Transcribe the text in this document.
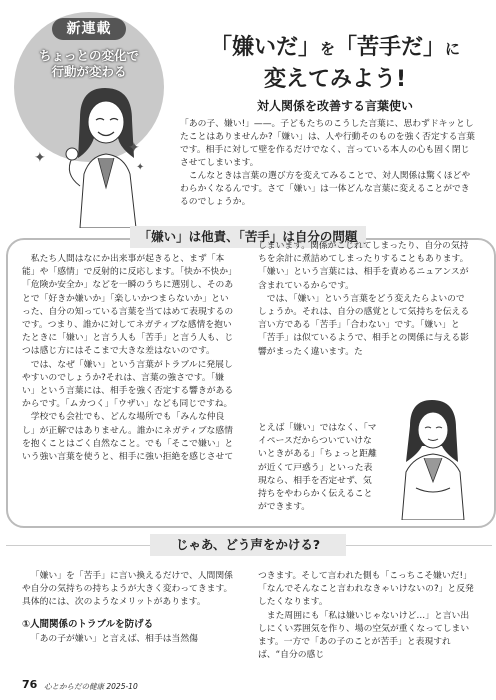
新連載
ちょっとの変化で
行動が変わる
✦
✦
✦
「嫌いだ」を「苦手だ」に
変えてみよう!
対人関係を改善する言葉使い

「あの子、嫌い!」——。子どもたちのこうした言葉に、思わずドキッとしたことはありませんか?「嫌い」は、人や行動そのものを強く否定する言葉です。相手に対して壁を作るだけでなく、言っている本人の心も固く閉じさせてしまいます。

こんなときは言葉の選び方を変えてみることで、対人関係は驚くほどやわらかくなるんです。さて「嫌い」は一体どんな言葉に変えることができるのでしょうか。

「嫌い」は他責、「苦手」は自分の問題

私たち人間はなにか出来事が起きると、まず「本能」や「感情」で反射的に反応します。「快か不快か」「危険か安全か」などを一瞬のうちに選別し、そのあとで「好きか嫌いか」「楽しいかつまらないか」といった、自分の知っている言葉を当てはめて表現するのです。つまり、誰かに対してネガティブな感情を抱いたときに「嫌い」と言う人も「苦手」と言う人も、じつは感じ方にはそこまで大きな差はないのです。

では、なぜ「嫌い」という言葉がトラブルに発展しやすいのでしょうか?それは、言葉の強さです。「嫌い」という言葉には、相手を強く否定する響きがあるからです。「ムカつく」「ウザい」なども同じですね。

学校でも会社でも、どんな場所でも「みんな仲良し」が正解ではありません。誰かにネガティブな感情を抱くことはごく自然なこと。でも「そこで嫌い」という強い言葉を使うと、相手に強い拒絶を感じさせて

しまいます。関係がこじれてしまったり、自分の気持ちを余計に煮詰めてしまったりすることもあります。「嫌い」という言葉には、相手を責めるニュアンスが含まれているからです。

では、「嫌い」という言葉をどう変えたらよいのでしょうか。それは、自分の感覚として気持ちを伝える言い方である「苦手」「合わない」です。「嫌い」と「苦手」は似ているようで、相手との関係に与える影響がまったく違います。た

とえば「嫌い」ではなく、「マイペースだからついていけないときがある」「ちょっと距離が近くて戸惑う」といった表現なら、相手を否定せず、気持ちをやわらかく伝えることができます。

じゃあ、どう声をかける?

「嫌い」を「苦手」に言い換えるだけで、人間関係や自分の気持ちの持ちようが大きく変わってきます。具体的には、次のようなメリットがあります。

①人間関係のトラブルを防げる

「あの子が嫌い」と言えば、相手は当然傷

つきます。そして言われた側も「こっちこそ嫌いだ!」「なんでそんなこと言われなきゃいけないの?」と反発したくなります。

また周囲にも「私は嫌いじゃないけど…」と言い出しにくい雰囲気を作り、場の空気が重くなってしまいます。一方で「あの子のことが苦手」と表現すれば、“自分の感じ

76 心とからだの健康 2025-10
